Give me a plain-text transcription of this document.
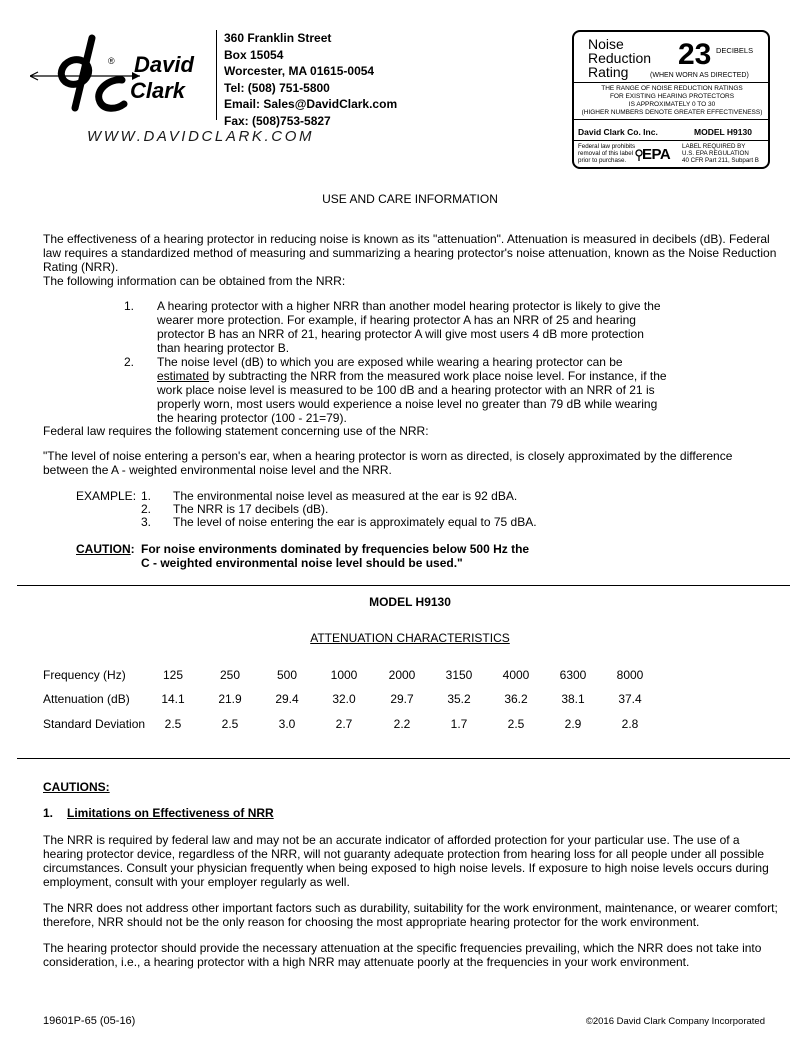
® David
Clark
dc
WWW.DAVIDCLARK.COM
360 Franklin Street
Box 15054
Worcester, MA 01615-0054
Tel: (508) 751-5800
Email: Sales@DavidClark.com
Fax: (508)753-5827
Noise
Reduction
Rating
23 DECIBELS
(WHEN WORN AS DIRECTED)
THE RANGE OF NOISE REDUCTION RATINGS
FOR EXISTING HEARING PROTECTORS
IS APPROXIMATELY 0 TO 30
(HIGHER NUMBERS DENOTE GREATER EFFECTIVENESS)
David Clark Co. Inc.	MODEL H9130
Federal law prohibits
removal of this label
prior to purchase.	EPA LABEL REQUIRED BY
U.S. EPA REGULATION
40 CFR Part 211, Subpart B
USE AND CARE INFORMATION

The effectiveness of a hearing protector in reducing noise is known as its "attenuation". Attenuation is measured in decibels (dB). Federal law requires a standardized method of measuring and summarizing a hearing protector's noise attenuation, known as the Noise Reduction Rating (NRR).

The following information can be obtained from the NRR:

1. A hearing protector with a higher NRR than another model hearing protector is likely to give the wearer more protection. For example, if hearing protector A has an NRR of 25 and hearing protector B has an NRR of 21, hearing protector A will give most users 4 dB more protection than hearing protector B.

2. The noise level (dB) to which you are exposed while wearing a hearing protector can be estimated by subtracting the NRR from the measured work place noise level. For instance, if the work place noise level is measured to be 100 dB and a hearing protector with an NRR of 21 is properly worn, most users would experience a noise level no greater than 79 dB while wearing the hearing protector (100 - 21=79).

Federal law requires the following statement concerning use of the NRR:

"The level of noise entering a person's ear, when a hearing protector is worn as directed, is closely approximated by the difference between the A - weighted environmental noise level and the NRR.

EXAMPLE: 1. The environmental noise level as measured at the ear is 92 dBA.
2. The NRR is 17 decibels (dB).
3. The level of noise entering the ear is approximately equal to 75 dBA.
CAUTION: For noise environments dominated by frequencies below 500 Hz the C - weighted environmental noise level should be used."

MODEL H9130
ATTENUATION CHARACTERISTICS
Frequency (Hz)	125	250	500	1000	2000	3150	4000	6300	8000
Attenuation (dB)	14.1	21.9	29.4	32.0	29.7	35.2	36.2	38.1	37.4
Standard Deviation	2.5	2.5	3.0	2.7	2.2	1.7	2.5	2.9	2.8
CAUTIONS:
1. Limitations on Effectiveness of NRR

The NRR is required by federal law and may not be an accurate indicator of afforded protection for your particular use. The use of a hearing protector device, regardless of the NRR, will not guaranty adequate protection from hearing loss for all people under all possible circumstances. Consult your physician frequently when being exposed to high noise levels. If exposure to high noise levels occurs during employment, consult with your employer regularly as well.

The NRR does not address other important factors such as durability, suitability for the work environment, maintenance, or wearer comfort; therefore, NRR should not be the only reason for choosing the most appropriate hearing protector for the work environment.

The hearing protector should provide the necessary attenuation at the specific frequencies prevailing, which the NRR does not take into consideration, i.e., a hearing protector with a high NRR may attenuate poorly at the frequencies in your work environment.

19601P-65 (05-16)	©2016 David Clark Company Incorporated
